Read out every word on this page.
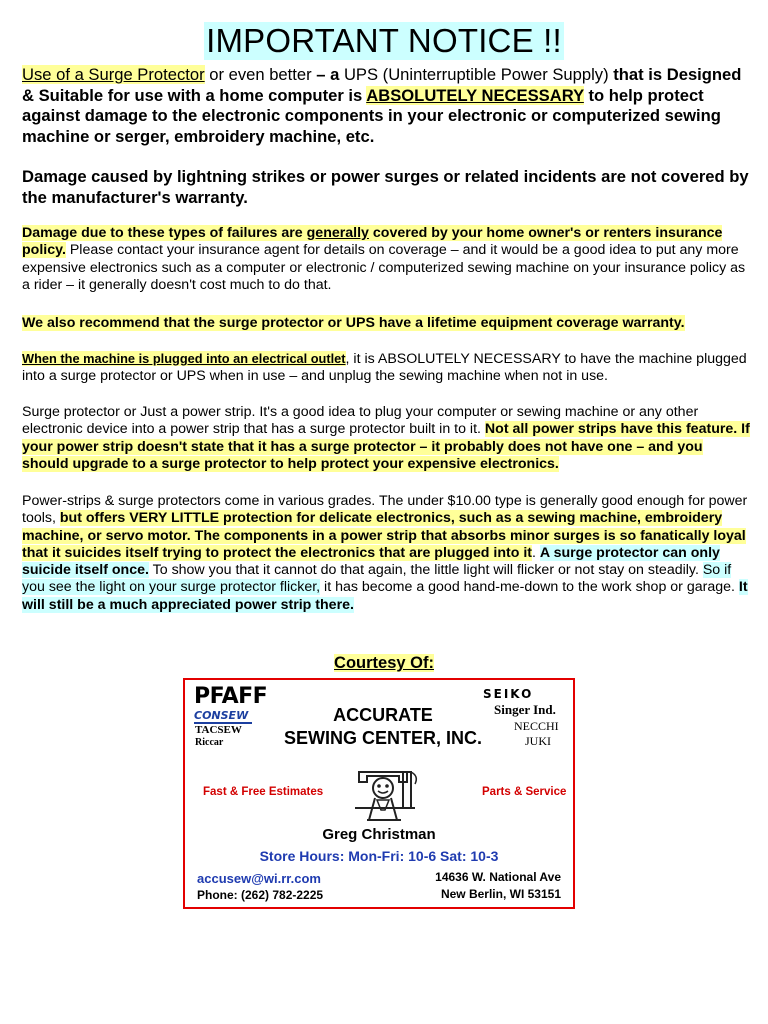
IMPORTANT NOTICE !!
Use of a Surge Protector or even better – a UPS (Uninterruptible Power Supply) that is Designed & Suitable for use with a home computer is ABSOLUTELY NECESSARY to help protect against damage to the electronic components in your electronic or computerized sewing machine or serger, embroidery machine, etc.
Damage caused by lightning strikes or power surges or related incidents are not covered by the manufacturer's warranty.
Damage due to these types of failures are generally covered by your home owner's or renters insurance policy. Please contact your insurance agent for details on coverage – and it would be a good idea to put any more expensive electronics such as a computer or electronic / computerized sewing machine on your insurance policy as a rider – it generally doesn't cost much to do that.
We also recommend that the surge protector or UPS have a lifetime equipment coverage warranty.
When the machine is plugged into an electrical outlet, it is ABSOLUTELY NECESSARY to have the machine plugged into a surge protector or UPS when in use – and unplug the sewing machine when not in use.
Surge protector or Just a power strip. It's a good idea to plug your computer or sewing machine or any other electronic device into a power strip that has a surge protector built in to it. Not all power strips have this feature. If your power strip doesn't state that it has a surge protector – it probably does not have one – and you should upgrade to a surge protector to help protect your expensive electronics.
Power-strips & surge protectors come in various grades. The under $10.00 type is generally good enough for power tools, but offers VERY LITTLE protection for delicate electronics, such as a sewing machine, embroidery machine, or servo motor. The components in a power strip that absorbs minor surges is so fanatically loyal that it suicides itself trying to protect the electronics that are plugged into it. A surge protector can only suicide itself once. To show you that it cannot do that again, the little light will flicker or not stay on steadily. So if you see the light on your surge protector flicker, it has become a good hand-me-down to the work shop or garage. It will still be a much appreciated power strip there.
Courtesy Of:
PFAFF
CONSEW
TACSEW
Riccar
ACCURATE
SEWING CENTER, INC.
SEIKO
Singer Ind.
NECCHI
JUKI
Fast & Free Estimates	Parts & Service
Greg Christman
Store Hours: Mon-Fri: 10-6 Sat: 10-3
accusew@wi.rr.com
Phone: (262) 782-2225
14636 W. National Ave
New Berlin, WI 53151
